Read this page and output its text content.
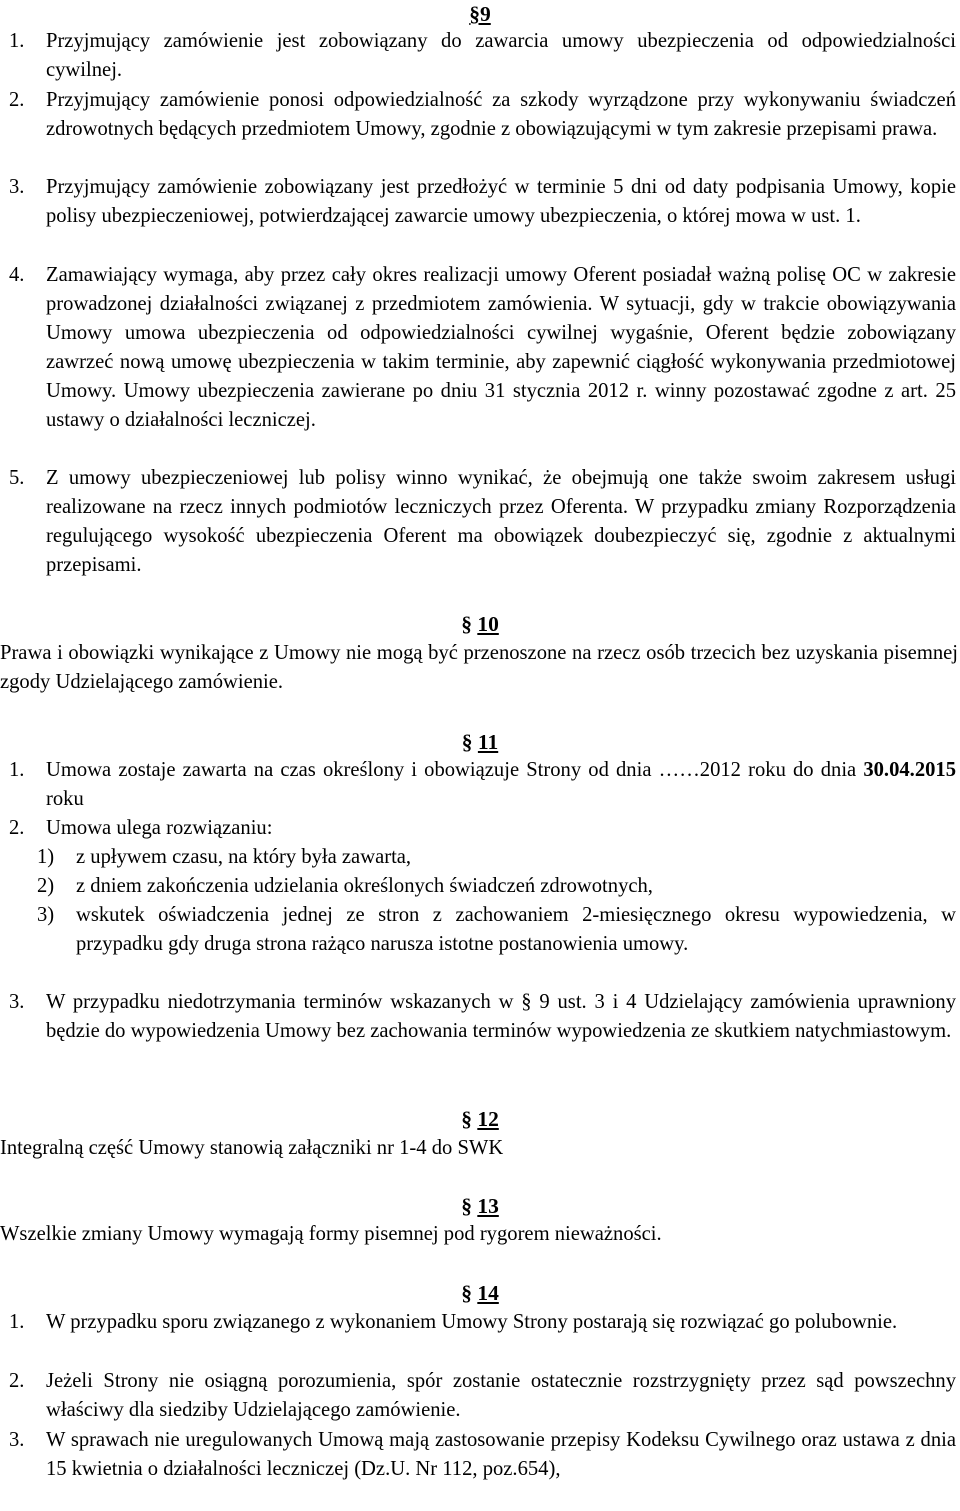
§9
1. Przyjmujący zamówienie jest zobowiązany do zawarcia umowy ubezpieczenia od odpowiedzialności cywilnej.
2. Przyjmujący zamówienie ponosi odpowiedzialność za szkody wyrządzone przy wykonywaniu świadczeń zdrowotnych będących przedmiotem Umowy, zgodnie z obowiązującymi w tym zakresie przepisami prawa.
3. Przyjmujący zamówienie zobowiązany jest przedłożyć w terminie 5 dni od daty podpisania Umowy, kopie polisy ubezpieczeniowej, potwierdzającej zawarcie umowy ubezpieczenia, o której mowa w ust. 1.
4. Zamawiający wymaga, aby przez cały okres realizacji umowy Oferent posiadał ważną polisę OC w zakresie prowadzonej działalności związanej z przedmiotem zamówienia. W sytuacji, gdy w trakcie obowiązywania Umowy umowa ubezpieczenia od odpowiedzialności cywilnej wygaśnie, Oferent będzie zobowiązany zawrzeć nową umowę ubezpieczenia w takim terminie, aby zapewnić ciągłość wykonywania przedmiotowej Umowy. Umowy ubezpieczenia zawierane po dniu 31 stycznia 2012 r. winny pozostawać zgodne z art. 25 ustawy o działalności leczniczej.
5. Z umowy ubezpieczeniowej lub polisy winno wynikać, że obejmują one także swoim zakresem usługi realizowane na rzecz innych podmiotów leczniczych przez Oferenta. W przypadku zmiany Rozporządzenia regulującego wysokość ubezpieczenia Oferent ma obowiązek doubezpieczyć się, zgodnie z aktualnymi przepisami.
§ 10
Prawa i obowiązki wynikające z Umowy nie mogą być przenoszone na rzecz osób trzecich bez uzyskania pisemnej zgody Udzielającego zamówienie.
§ 11
1. Umowa zostaje zawarta na czas określony i obowiązuje Strony od dnia ……2012 roku do dnia 30.04.2015 roku
2. Umowa ulega rozwiązaniu:
1) z upływem czasu, na który była zawarta,
2) z dniem zakończenia udzielania określonych świadczeń zdrowotnych,
3) wskutek oświadczenia jednej ze stron z zachowaniem 2-miesięcznego okresu wypowiedzenia, w przypadku gdy druga strona rażąco narusza istotne postanowienia umowy.
3. W przypadku niedotrzymania terminów wskazanych w § 9 ust. 3 i 4 Udzielający zamówienia uprawniony będzie do wypowiedzenia Umowy bez zachowania terminów wypowiedzenia ze skutkiem natychmiastowym.
§ 12
Integralną część Umowy stanowią załączniki nr 1-4 do SWK
§ 13
Wszelkie zmiany Umowy wymagają formy pisemnej pod rygorem nieważności.
§ 14
1. W przypadku sporu związanego z wykonaniem Umowy Strony postarają się rozwiązać go polubownie.
2. Jeżeli Strony nie osiągną porozumienia, spór zostanie ostatecznie rozstrzygnięty przez sąd powszechny właściwy dla siedziby Udzielającego zamówienie.
3. W sprawach nie uregulowanych Umową mają zastosowanie przepisy Kodeksu Cywilnego oraz ustawa z dnia 15 kwietnia o działalności leczniczej (Dz.U. Nr 112, poz.654),
